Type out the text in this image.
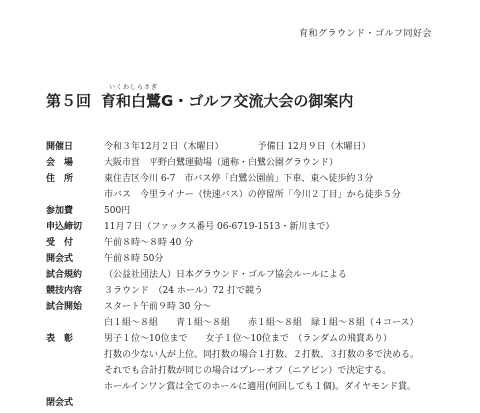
育和グラウンド・ゴルフ同好会
いくわしらさぎ
第５回 育和白鷺G・ゴルフ交流大会の御案内
開催日	令和３年12月２日（木曜日）	予備日 12月９日（木曜日）
会　場	大阪市営　平野白鷺運動場（通称・白鷺公園グラウンド）
住　所	東住吉区今川 6-7　市バス停「白鷺公園前」下車、東へ徒歩約３分
市バス　今里ライナー（快速バス）の停留所「今川２丁目」から徒歩５分
参加費	500円
申込締切	11月７日（ファックス番号 06-6719-1513・新川まで）
受　付	午前８時～８時 40 分
開会式	午前８時 50分
試合規約	（公益社団法人）日本グラウンド・ゴルフ協会ルールによる
競技内容	３ラウンド　（24 ホール）72 打で競う
試合開始	スタート午前９時 30 分～
白１組～８組　　青１組～８組　　赤１組～８組　緑１組～８組（４コース）
表　彰	男子１位～10位まで　　女子１位～10位まで　（ランダムの飛賞あり）
打数の少ない人が上位。同打数の場合１打数、２打数、３打数の多で決める。
それでも合計打数が同じの場合はプレーオフ（ニアピン）で決定する。
ホールインワン賞は全てのホールに適用(何回しても１個)。ダイヤモンド賞。
閉会式
